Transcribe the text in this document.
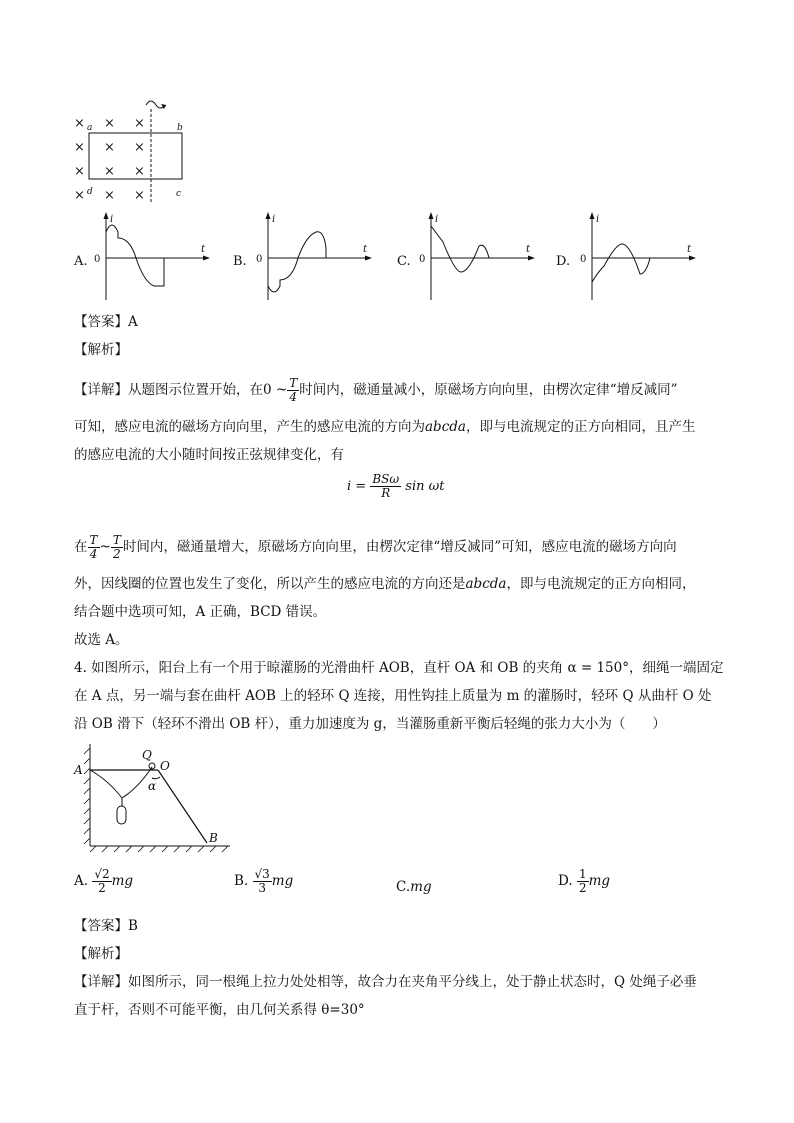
× × ×
× × ×
× × ×
× × ×
a	b
c
d
i
t
0
i
t
0
i
t
0
i
t
0
A.	B.	C.	D.
【答案】A
【解析】
【详解】从题图示位置开始，在0 ~ $\frac{T}{4}$ 时间内，磁通量减小，原磁场方向向里，由楞次定律“增反减同”
可知，感应电流的磁场方向向里，产生的感应电流的方向为abcda，即与电流规定的正方向相同，且产生
的感应电流的大小随时间按正弦规律变化，有
$i = \frac{\text{BSω}}{R}$ sin ωt
在 $\frac{T}{4}$ ~ $\frac{T}{2}$ 时间内，磁通量增大，原磁场方向向里，由楞次定律“增反减同”可知，感应电流的磁场方向向
外，因线圈的位置也发生了变化，所以产生的感应电流的方向还是abcda，即与电流规定的正方向相同，
结合题中选项可知，A 正确，BCD 错误。
故选 A。
4. 如图所示，阳台上有一个用于晾灌肠的光滑曲杆 AOB，直杆 OA 和 OB 的夹角 α = 150°，细绳一端固定
在 A 点，另一端与套在曲杆 AOB 上的轻环 Q 连接，用性钩挂上质量为 m 的灌肠时，轻环 Q 从曲杆 O 处
沿 OB 滑下（轻环不滑出 OB 杆），重力加速度为 g，当灌肠重新平衡后轻绳的张力大小为（　　）
A
Q
O
α
B
A. $\frac{√2}{2}$ mg	B. $\frac{√3}{3}$ mg	C.mg	D. $\frac{1}{2}$ mg
【答案】B
【解析】
【详解】如图所示，同一根绳上拉力处处相等，故合力在夹角平分线上，处于静止状态时，Q 处绳子必垂
直于杆，否则不可能平衡，由几何关系得 θ=30°
